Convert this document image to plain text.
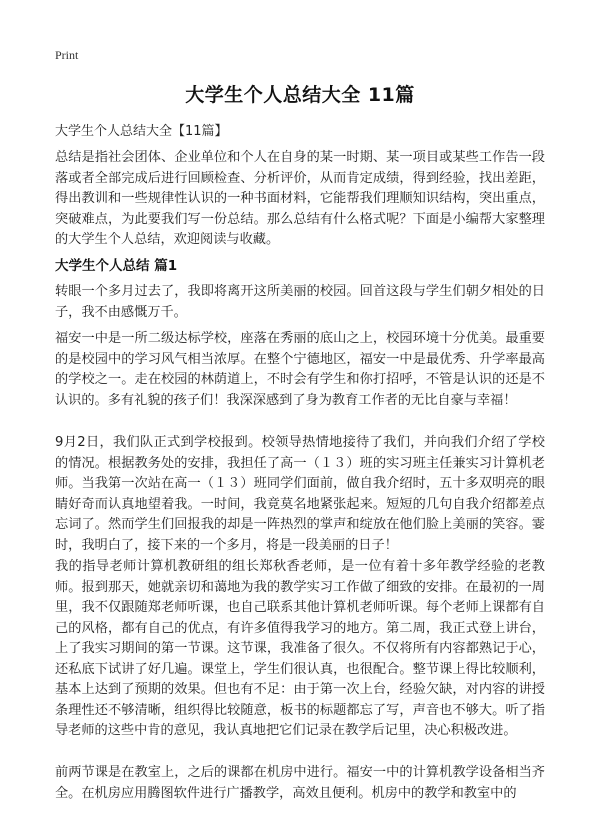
Print
大学生个人总结大全 11篇
大学生个人总结大全【11篇】
总结是指社会团体、企业单位和个人在自身的某一时期、某一项目或某些工作告一段落或者全部完成后进行回顾检查、分析评价，从而肯定成绩，得到经验，找出差距，得出教训和一些规律性认识的一种书面材料，它能帮我们理顺知识结构，突出重点，突破难点，为此要我们写一份总结。那么总结有什么格式呢？下面是小编帮大家整理的大学生个人总结，欢迎阅读与收藏。
大学生个人总结 篇1
转眼一个多月过去了，我即将离开这所美丽的校园。回首这段与学生们朝夕相处的日子，我不由感慨万千。
福安一中是一所二级达标学校，座落在秀丽的底山之上，校园环境十分优美。最重要的是校园中的学习风气相当浓厚。在整个宁德地区，福安一中是最优秀、升学率最高的学校之一。走在校园的林荫道上，不时会有学生和你打招呼，不管是认识的还是不认识的。多有礼貌的孩子们！我深深感到了身为教育工作者的无比自豪与幸福！
9月2日，我们队正式到学校报到。校领导热情地接待了我们，并向我们介绍了学校的情况。根据教务处的安排，我担任了高一（１３）班的实习班主任兼实习计算机老师。当我第一次站在高一（１３）班同学们面前，做自我介绍时，五十多双明亮的眼睛好奇而认真地望着我。一时间，我竟莫名地紧张起来。短短的几句自我介绍都差点忘词了。然而学生们回报我的却是一阵热烈的掌声和绽放在他们脸上美丽的笑容。霎时，我明白了，接下来的一个多月，将是一段美丽的日子！
我的指导老师计算机教研组的组长郑秋香老师，是一位有着十多年教学经验的老教师。报到那天，她就亲切和蔼地为我的教学实习工作做了细致的安排。在最初的一周里，我不仅跟随郑老师听课，也自己联系其他计算机老师听课。每个老师上课都有自己的风格，都有自己的优点，有许多值得我学习的地方。第二周，我正式登上讲台，上了我实习期间的第一节课。这节课，我准备了很久。不仅将所有内容都熟记于心，还私底下试讲了好几遍。课堂上，学生们很认真，也很配合。整节课上得比较顺利，基本上达到了预期的效果。但也有不足：由于第一次上台，经验欠缺，对内容的讲授条理性还不够清晰，组织得比较随意，板书的标题都忘了写，声音也不够大。听了指导老师的这些中肯的意见，我认真地把它们记录在教学后记里，决心积极改进。
前两节课是在教室上，之后的课都在机房中进行。福安一中的计算机教学设备相当齐全。在机房应用腾图软件进行广播教学，高效且便利。机房中的教学和教室中的
